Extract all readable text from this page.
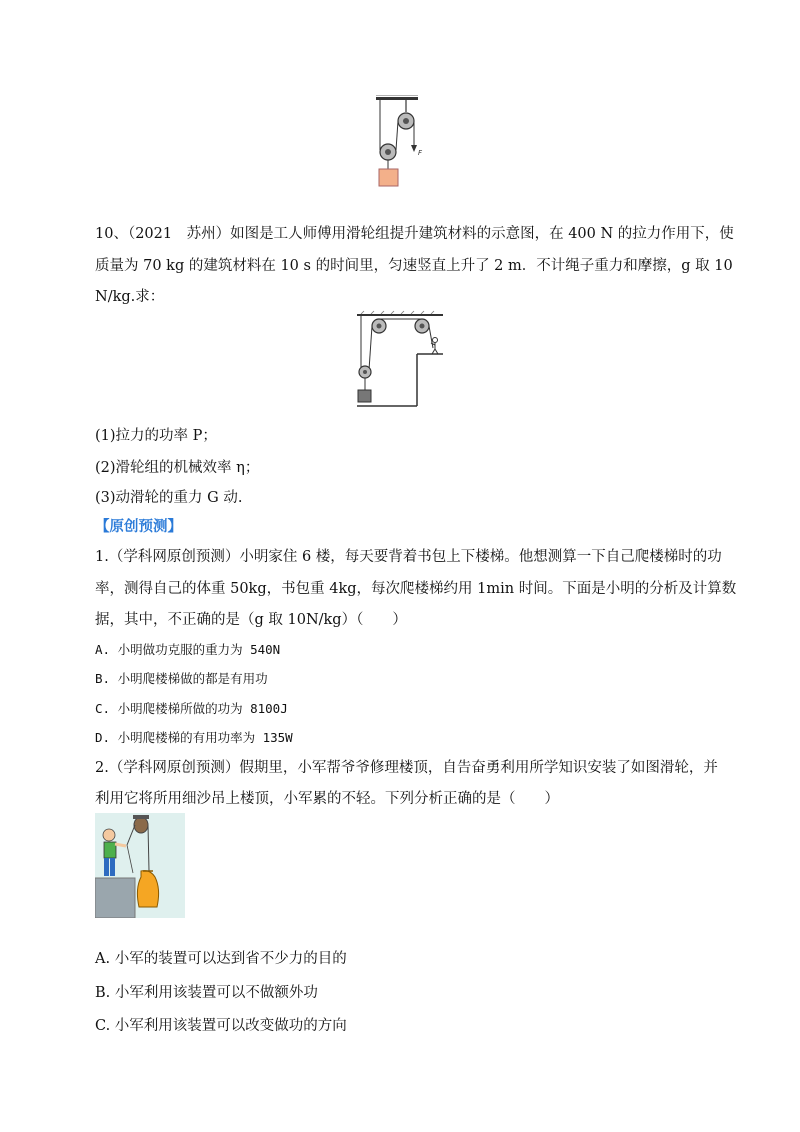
F
10、（2021　苏州）如图是工人师傅用滑轮组提升建筑材料的示意图，在 400 N 的拉力作用下，使
质量为 70 kg 的建筑材料在 10 s 的时间里，匀速竖直上升了 2 m．不计绳子重力和摩擦，g 取 10
N/kg.求：
(1)拉力的功率 P；
(2)滑轮组的机械效率 η；
(3)动滑轮的重力 G 动.
【原创预测】
1.（学科网原创预测）小明家住 6 楼，每天要背着书包上下楼梯。他想测算一下自己爬楼梯时的功
率，测得自己的体重 50kg，书包重 4kg，每次爬楼梯约用 1min 时间。下面是小明的分析及计算数
据，其中，不正确的是（g 取 10N/kg）（　　）
A. 小明做功克服的重力为 540N
B. 小明爬楼梯做的都是有用功
C. 小明爬楼梯所做的功为 8100J
D. 小明爬楼梯的有用功率为 135W
2.（学科网原创预测）假期里，小军帮爷爷修理楼顶，自告奋勇利用所学知识安装了如图滑轮，并
利用它将所用细沙吊上楼顶，小军累的不轻。下列分析正确的是（　　）
A. 小军的装置可以达到省不少力的目的
B. 小军利用该装置可以不做额外功
C. 小军利用该装置可以改变做功的方向
